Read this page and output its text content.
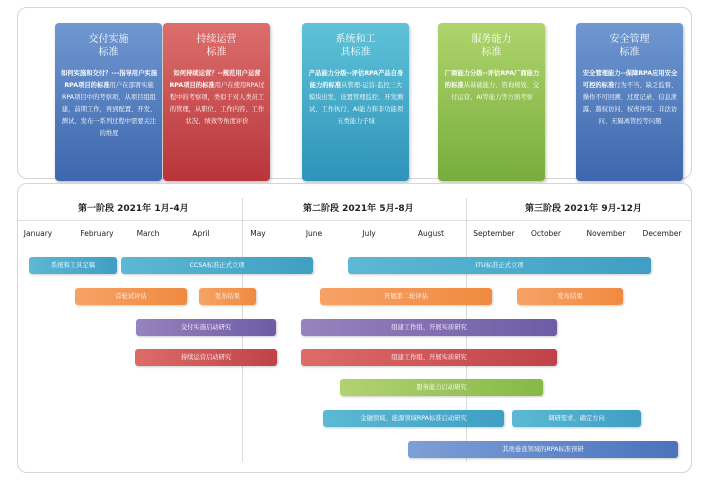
交付实施
标准
如何实施和交付？---指导用户实施RPA项目的标准用户在部署实施RPA项目中的考察项，从项目组组建，前期工作，再到配置、开发、测试、发布一系列过程中需要关注的维度
持续运营
标准
如何持续运营？--规范用户运营RPA项目的标准用户在使用RPA过程中的考察项，类似于对人类员工的管理，从职位、工作内容、工作状况、绩效等角度评价
系统和工
具标准
产品能力分级--评估RPA产品自身能力的标准从管理-运营-监控三大模块出发，设置管理监控、开发测试、工作执行、AI能力和非功能项五类能力子域
服务能力
标准
厂商能力分级--评估RPA厂商能力的标准从基础能力、咨询规划、交付运营、AI等能力等方面考察
安全管理
标准
安全管理能力--保障RPA应用安全可控的标准行为不当、缺乏监督、操作不可回溯、过度记录、信息泄露、越权访问、权责冲突、非法访问、无隔离管控等问题
第一阶段 2021年 1月-4月	第二阶段 2021年 5月-8月	第三阶段 2021年 9月-12月
January	February	March	April	May	June	July	August	September October	November December
系统和工具定稿	CCSA标准正式立项	ITU标准正式立项
首轮试评估	发布结果	开展第二轮评估	发布结果
交付实施启动研究	组建工作组、开展实质研究
持续运营启动研究	组建工作组、开展实质研究
服务能力启动研究
金融领域、能源领域RPA标准启动研究	调研需求、确定方向
其他垂直领域的RPA标准预研
